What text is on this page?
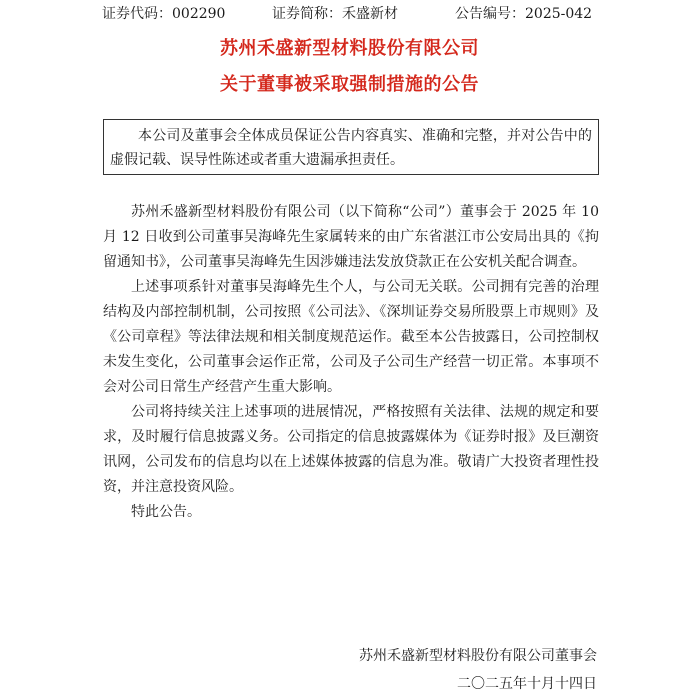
证券代码：002290	证券简称：禾盛新材	公告编号：2025-042
苏州禾盛新型材料股份有限公司
关于董事被采取强制措施的公告
本公司及董事会全体成员保证公告内容真实、准确和完整，并对公告中的虚假记载、误导性陈述或者重大遗漏承担责任。

苏州禾盛新型材料股份有限公司（以下简称“公司”）董事会于 2025 年 10 月 12 日收到公司董事吴海峰先生家属转来的由广东省湛江市公安局出具的《拘留通知书》，公司董事吴海峰先生因涉嫌违法发放贷款正在公安机关配合调查。

上述事项系针对董事吴海峰先生个人，与公司无关联。公司拥有完善的治理结构及内部控制机制，公司按照《公司法》、《深圳证券交易所股票上市规则》及《公司章程》等法律法规和相关制度规范运作。截至本公告披露日，公司控制权未发生变化，公司董事会运作正常，公司及子公司生产经营一切正常。本事项不会对公司日常生产经营产生重大影响。

公司将持续关注上述事项的进展情况，严格按照有关法律、法规的规定和要求，及时履行信息披露义务。公司指定的信息披露媒体为《证券时报》及巨潮资讯网，公司发布的信息均以在上述媒体披露的信息为准。敬请广大投资者理性投资，并注意投资风险。

特此公告。

苏州禾盛新型材料股份有限公司董事会
二〇二五年十月十四日
